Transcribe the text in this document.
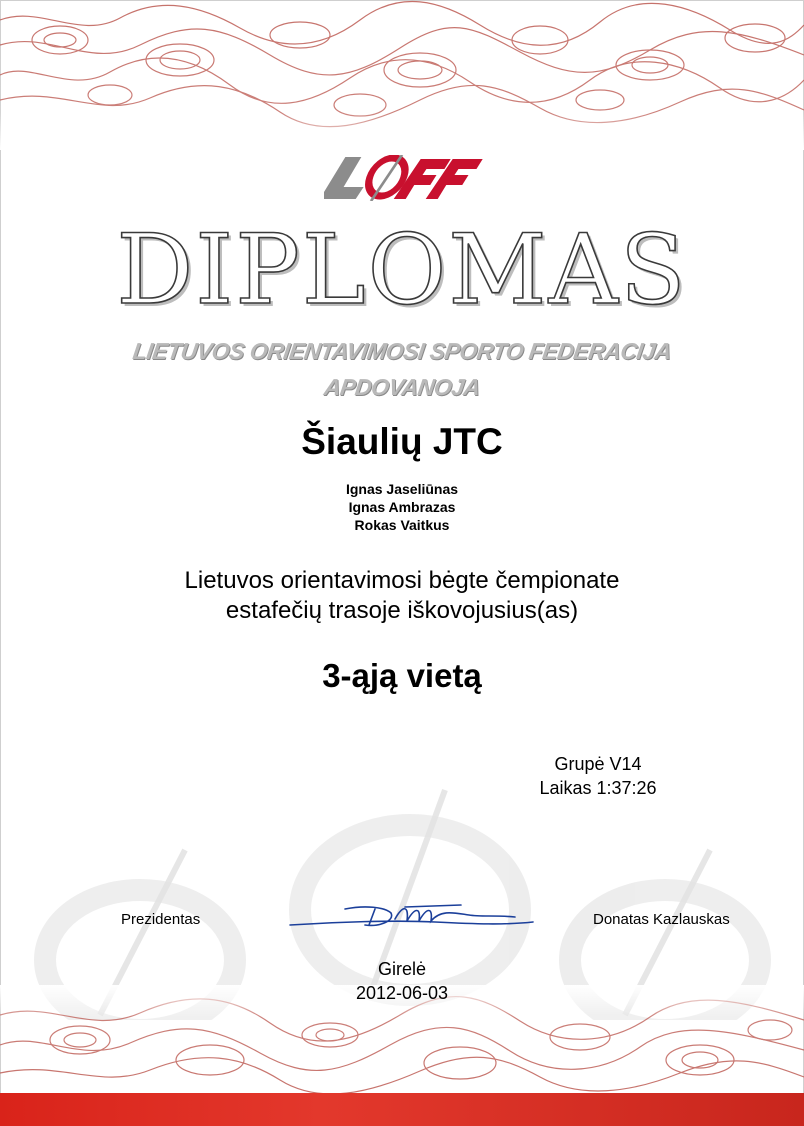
DIPLOMAS
LIETUVOS ORIENTAVIMOSI SPORTO FEDERACIJA
APDOVANOJA
Šiaulių JTC
Ignas Jaseliūnas
Ignas Ambrazas
Rokas Vaitkus
Lietuvos orientavimosi bėgte čempionate
estafečių trasoje iškovojusius(as)
3-ąją vietą
Grupė V14
Laikas 1:37:26
Prezidentas	Donatas Kazlauskas
Girelė
2012-06-03
